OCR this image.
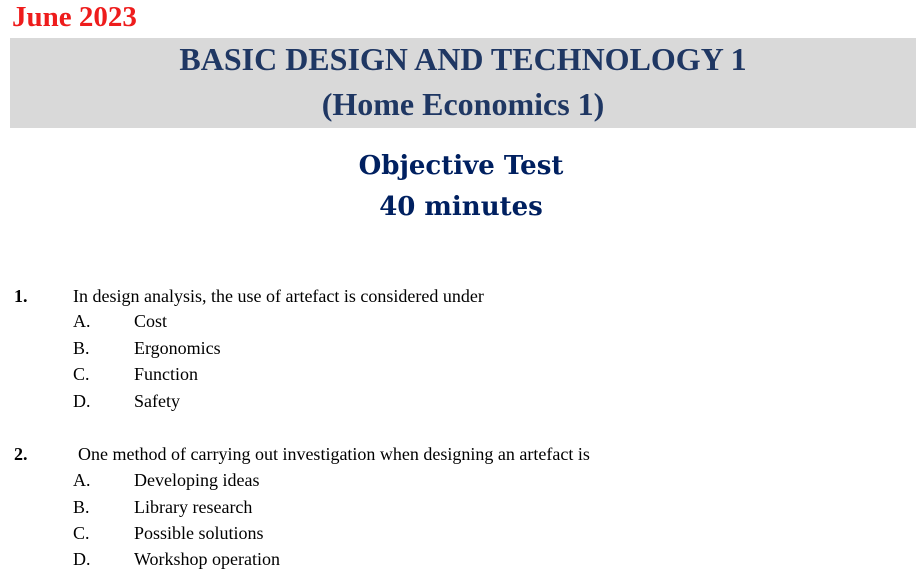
June 2023
BASIC DESIGN AND TECHNOLOGY 1
(Home Economics 1)
Objective Test
40 minutes
1.	In design analysis, the use of artefact is considered under
A. Cost
B. Ergonomics
C. Function
D. Safety
2.	One method of carrying out investigation when designing an artefact is
A. Developing ideas
B. Library research
C. Possible solutions
D. Workshop operation
